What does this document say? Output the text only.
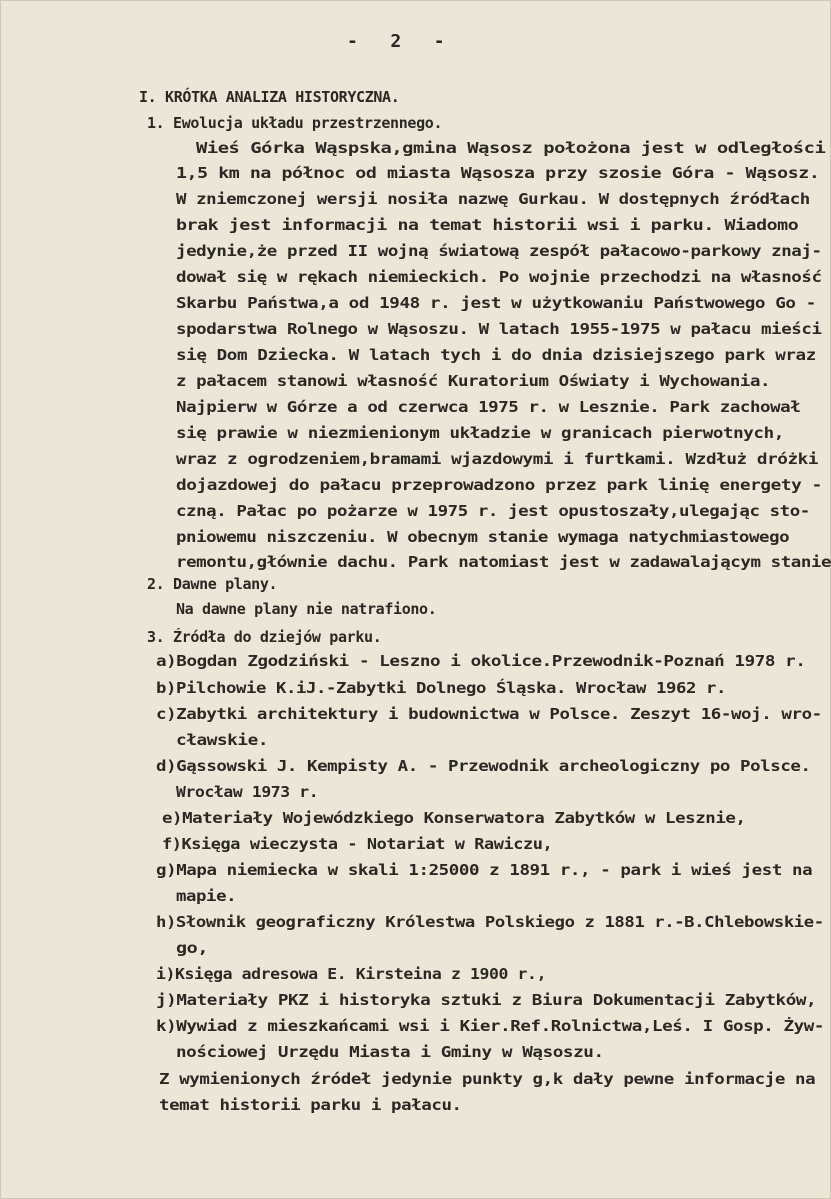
-   2   -
I. KRÓTKA ANALIZA HISTORYCZNA.
1. Ewolucja układu przestrzennego.
Wieś Górka Wąspska,gmina Wąsosz położona jest w odległości
1,5 km na północ od miasta Wąsosza przy szosie Góra - Wąsosz.
W zniemczonej wersji nosiła nazwę Gurkau. W dostępnych źródłach
brak jest informacji na temat historii wsi i parku. Wiadomo
jedynie,że przed II wojną światową zespół pałacowo-parkowy znaj-
dował się w rękach niemieckich. Po wojnie przechodzi na własność
Skarbu Państwa,a od 1948 r. jest w użytkowaniu Państwowego Go -
spodarstwa Rolnego w Wąsoszu. W latach 1955-1975 w pałacu mieści
się Dom Dziecka. W latach tych i do dnia dzisiejszego park wraz
z pałacem stanowi własność Kuratorium Oświaty i Wychowania.
Najpierw w Górze a od czerwca 1975 r. w Lesznie. Park zachował
się prawie w niezmienionym układzie w granicach pierwotnych,
wraz z ogrodzeniem,bramami wjazdowymi i furtkami. Wzdłuż dróżki
dojazdowej do pałacu przeprowadzono przez park linię energety -
czną. Pałac po pożarze w 1975 r. jest opustoszały,ulegając sto-
pniowemu niszczeniu. W obecnym stanie wymaga natychmiastowego
remontu,głównie dachu. Park natomiast jest w zadawalającym stanie
2. Dawne plany.
Na dawne plany nie natrafiono.
3. Źródła do dziejów parku.
a)Bogdan Zgodziński - Leszno i okolice.Przewodnik-Poznań 1978 r.
b)Pilchowie K.iJ.-Zabytki Dolnego Śląska. Wrocław 1962 r.
c)Zabytki architektury i budownictwa w Polsce. Zeszyt 16-woj. wro-
cławskie.
d)Gąssowski J. Kempisty A. - Przewodnik archeologiczny po Polsce.
Wrocław 1973 r.
e)Materiały Wojewódzkiego Konserwatora Zabytków w Lesznie,
f)Księga wieczysta - Notariat w Rawiczu,
g)Mapa niemiecka w skali 1:25000 z 1891 r., - park i wieś jest na
mapie.
h)Słownik geograficzny Królestwa Polskiego z 1881 r.-B.Chlebowskie-
go,
i)Księga adresowa E. Kirsteina z 1900 r.,
j)Materiały PKZ i historyka sztuki z Biura Dokumentacji Zabytków,
k)Wywiad z mieszkańcami wsi i Kier.Ref.Rolnictwa,Leś. I Gosp. Żyw-
nościowej Urzędu Miasta i Gminy w Wąsoszu.
Z wymienionych źródeł jedynie punkty g,k dały pewne informacje na
temat historii parku i pałacu.
